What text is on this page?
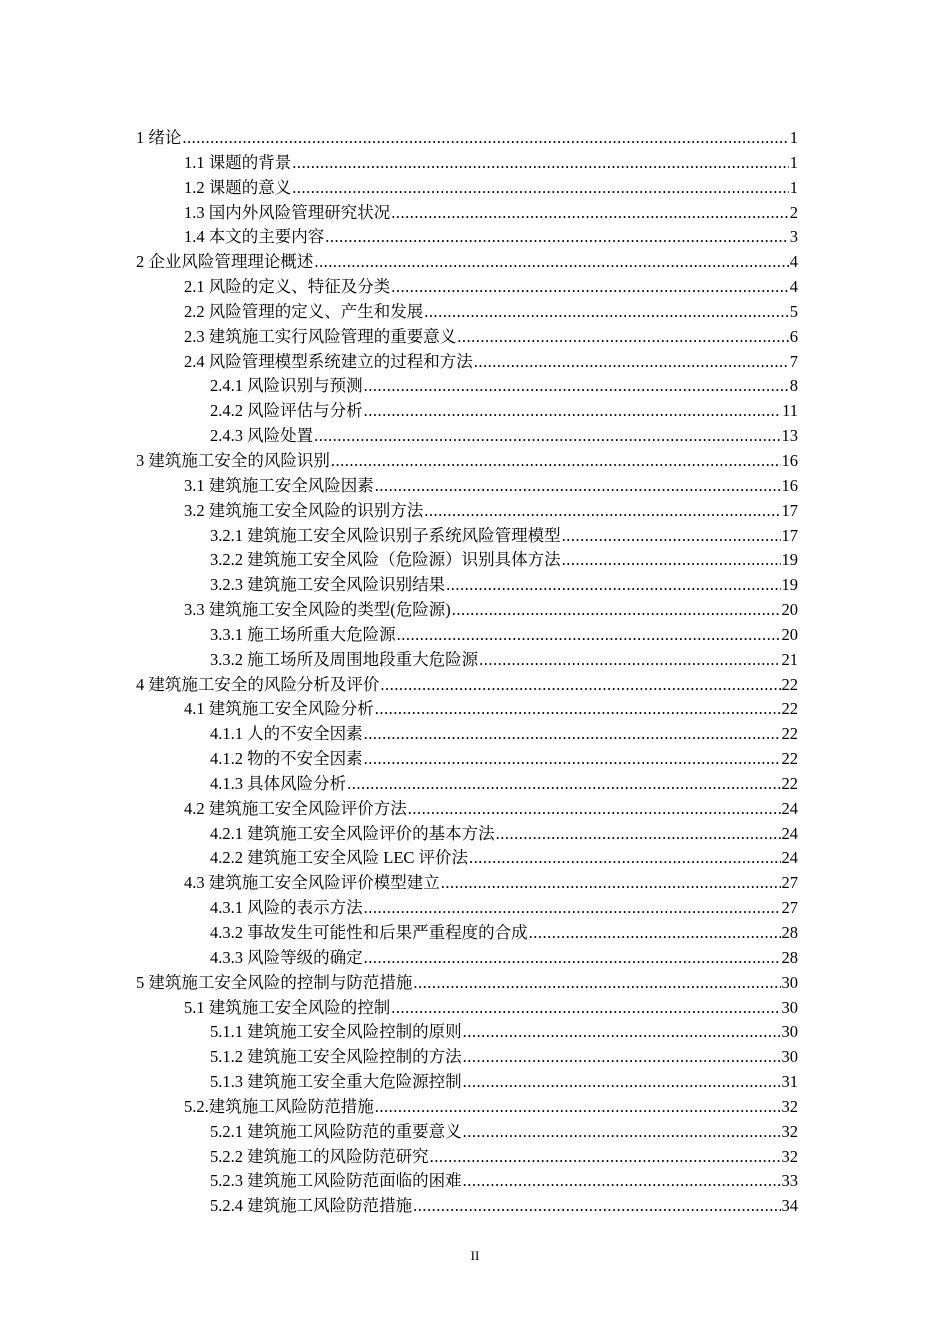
1 绪论 .....	1
1.1 课题的背景 .....	1
1.2 课题的意义 .....	1
1.3 国内外风险管理研究状况 .....	2
1.4 本文的主要内容 .....	3
2 企业风险管理理论概述 .....	4
2.1 风险的定义、特征及分类 .....	4
2.2 风险管理的定义、产生和发展 .....	5
2.3 建筑施工实行风险管理的重要意义 .....	6
2.4 风险管理模型系统建立的过程和方法 .....	7
2.4.1 风险识别与预测 .....	8
2.4.2 风险评估与分析 .....	11
2.4.3 风险处置 .....	13
3 建筑施工安全的风险识别 .....	16
3.1 建筑施工安全风险因素 .....	16
3.2 建筑施工安全风险的识别方法 .....	17
3.2.1 建筑施工安全风险识别子系统风险管理模型 .....	17
3.2.2 建筑施工安全风险（危险源）识别具体方法 .....	19
3.2.3 建筑施工安全风险识别结果 .....	19
3.3 建筑施工安全风险的类型(危险源) .....	20
3.3.1 施工场所重大危险源 .....	20
3.3.2 施工场所及周围地段重大危险源 .....	21
4 建筑施工安全的风险分析及评价 .....	22
4.1 建筑施工安全风险分析 .....	22
4.1.1 人的不安全因素 .....	22
4.1.2 物的不安全因素 .....	22
4.1.3 具体风险分析 .....	22
4.2 建筑施工安全风险评价方法 .....	24
4.2.1 建筑施工安全风险评价的基本方法 .....	24
4.2.2 建筑施工安全风险 LEC 评价法 .....	24
4.3 建筑施工安全风险评价模型建立 .....	27
4.3.1 风险的表示方法 .....	27
4.3.2 事故发生可能性和后果严重程度的合成 .....	28
4.3.3 风险等级的确定 .....	28
5 建筑施工安全风险的控制与防范措施 .....	30
5.1 建筑施工安全风险的控制 .....	30
5.1.1 建筑施工安全风险控制的原则 .....	30
5.1.2 建筑施工安全风险控制的方法 .....	30
5.1.3 建筑施工安全重大危险源控制 .....	31
5.2.建筑施工风险防范措施 .....	32
5.2.1 建筑施工风险防范的重要意义 .....	32
5.2.2 建筑施工的风险防范研究 .....	32
5.2.3 建筑施工风险防范面临的困难 .....	33
5.2.4 建筑施工风险防范措施 .....	34
II
